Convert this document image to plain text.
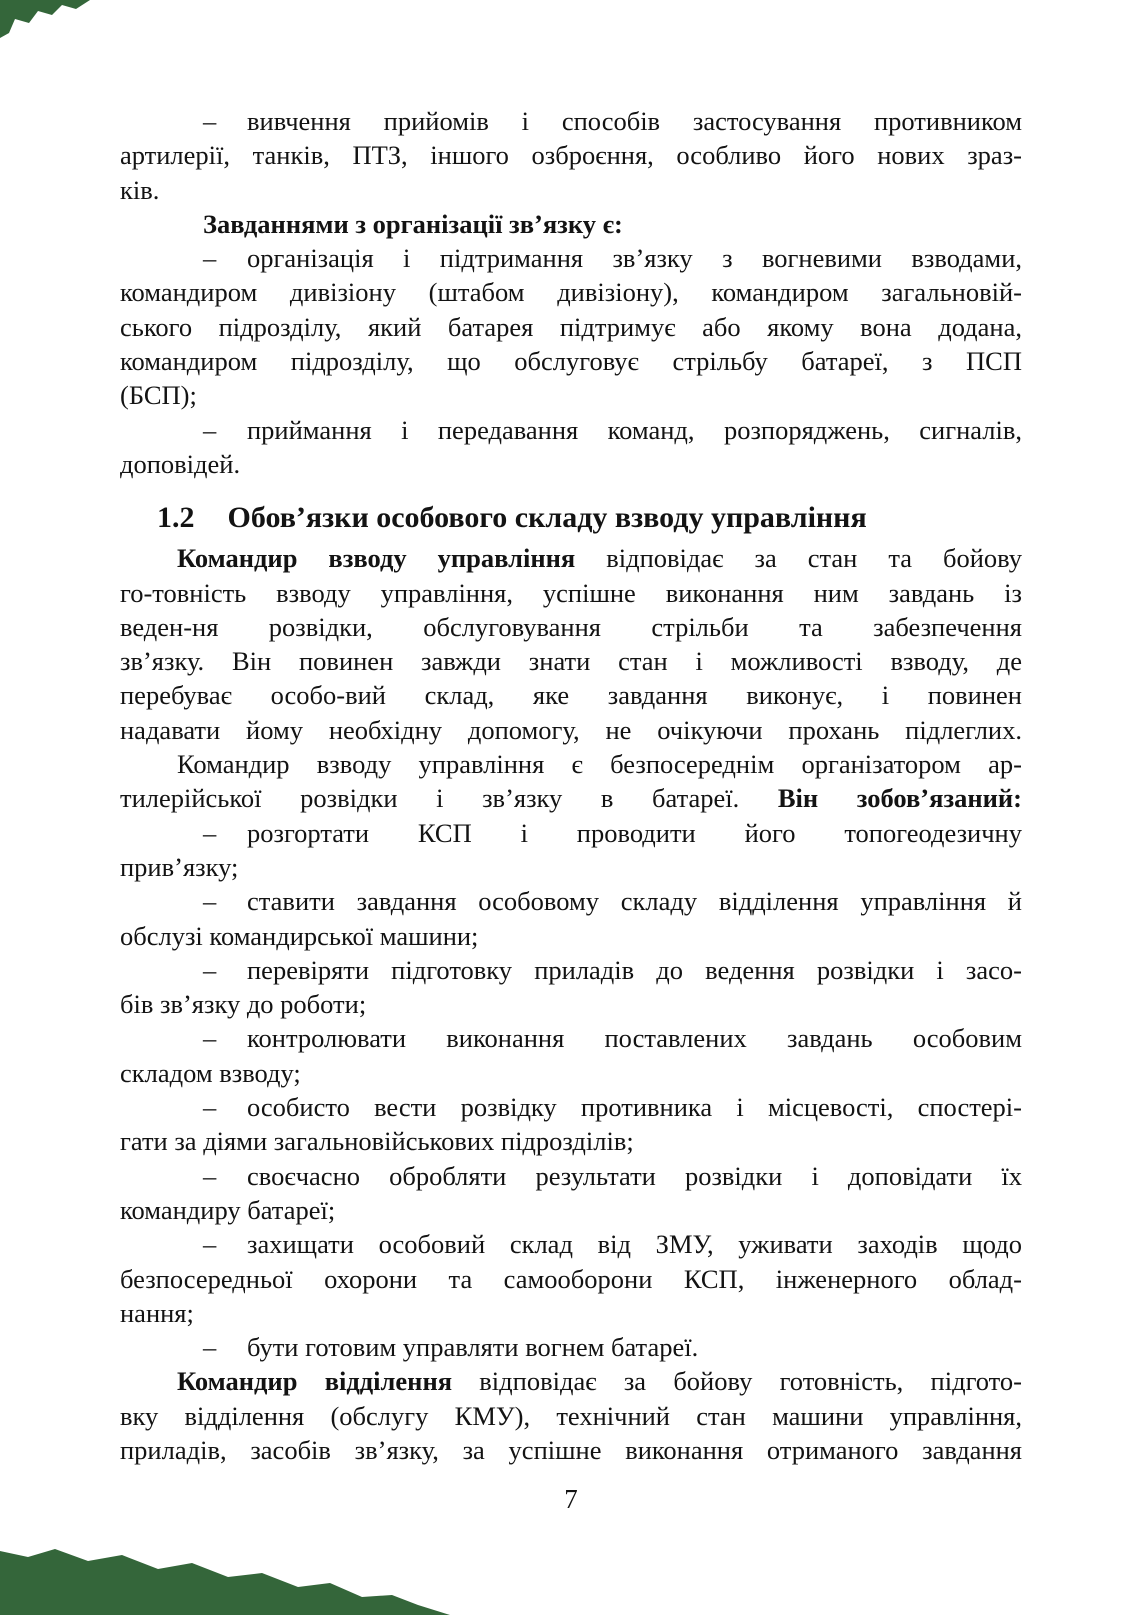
– вивчення прийомів і способів застосування противником
артилерії, танків, ПТЗ, іншого озброєння, особливо його нових зраз-
ків.
Завданнями з організації зв’язку є:
– організація і підтримання зв’язку з вогневими взводами,
командиром дивізіону (штабом дивізіону), командиром загальновій-
ського підрозділу, який батарея підтримує або якому вона додана,
командиром підрозділу, що обслуговує стрільбу батареї, з ПСП
(БСП);
– приймання і передавання команд, розпоряджень, сигналів,
доповідей.
1.2 Обов’язки особового складу взводу управління
Командир взводу управління відповідає за стан та бойову
го-товність взводу управління, успішне виконання ним завдань із
веден-ня розвідки, обслуговування стрільби та забезпечення
зв’язку. Він повинен завжди знати стан і можливості взводу, де
перебуває особо-вий склад, яке завдання виконує, і повинен
надавати йому необхідну допомогу, не очікуючи прохань підлеглих.
Командир взводу управління є безпосереднім організатором ар-
тилерійської розвідки і зв’язку в батареї. Він зобов’язаний:
– розгортати КСП і проводити його топогеодезичну
прив’язку;
– ставити завдання особовому складу відділення управління й
обслузі командирської машини;
– перевіряти підготовку приладів до ведення розвідки і засо-
бів зв’язку до роботи;
– контролювати виконання поставлених завдань особовим
складом взводу;
– особисто вести розвідку противника і місцевості, спостері-
гати за діями загальновійськових підрозділів;
– своєчасно обробляти результати розвідки і доповідати їх
командиру батареї;
– захищати особовий склад від ЗМУ, уживати заходів щодо
безпосередньої охорони та самооборони КСП, інженерного облад-
нання;
– бути готовим управляти вогнем батареї.
Командир відділення відповідає за бойову готовність, підгото-
вку відділення (обслугу КМУ), технічний стан машини управління,
приладів, засобів зв’язку, за успішне виконання отриманого завдання
7
